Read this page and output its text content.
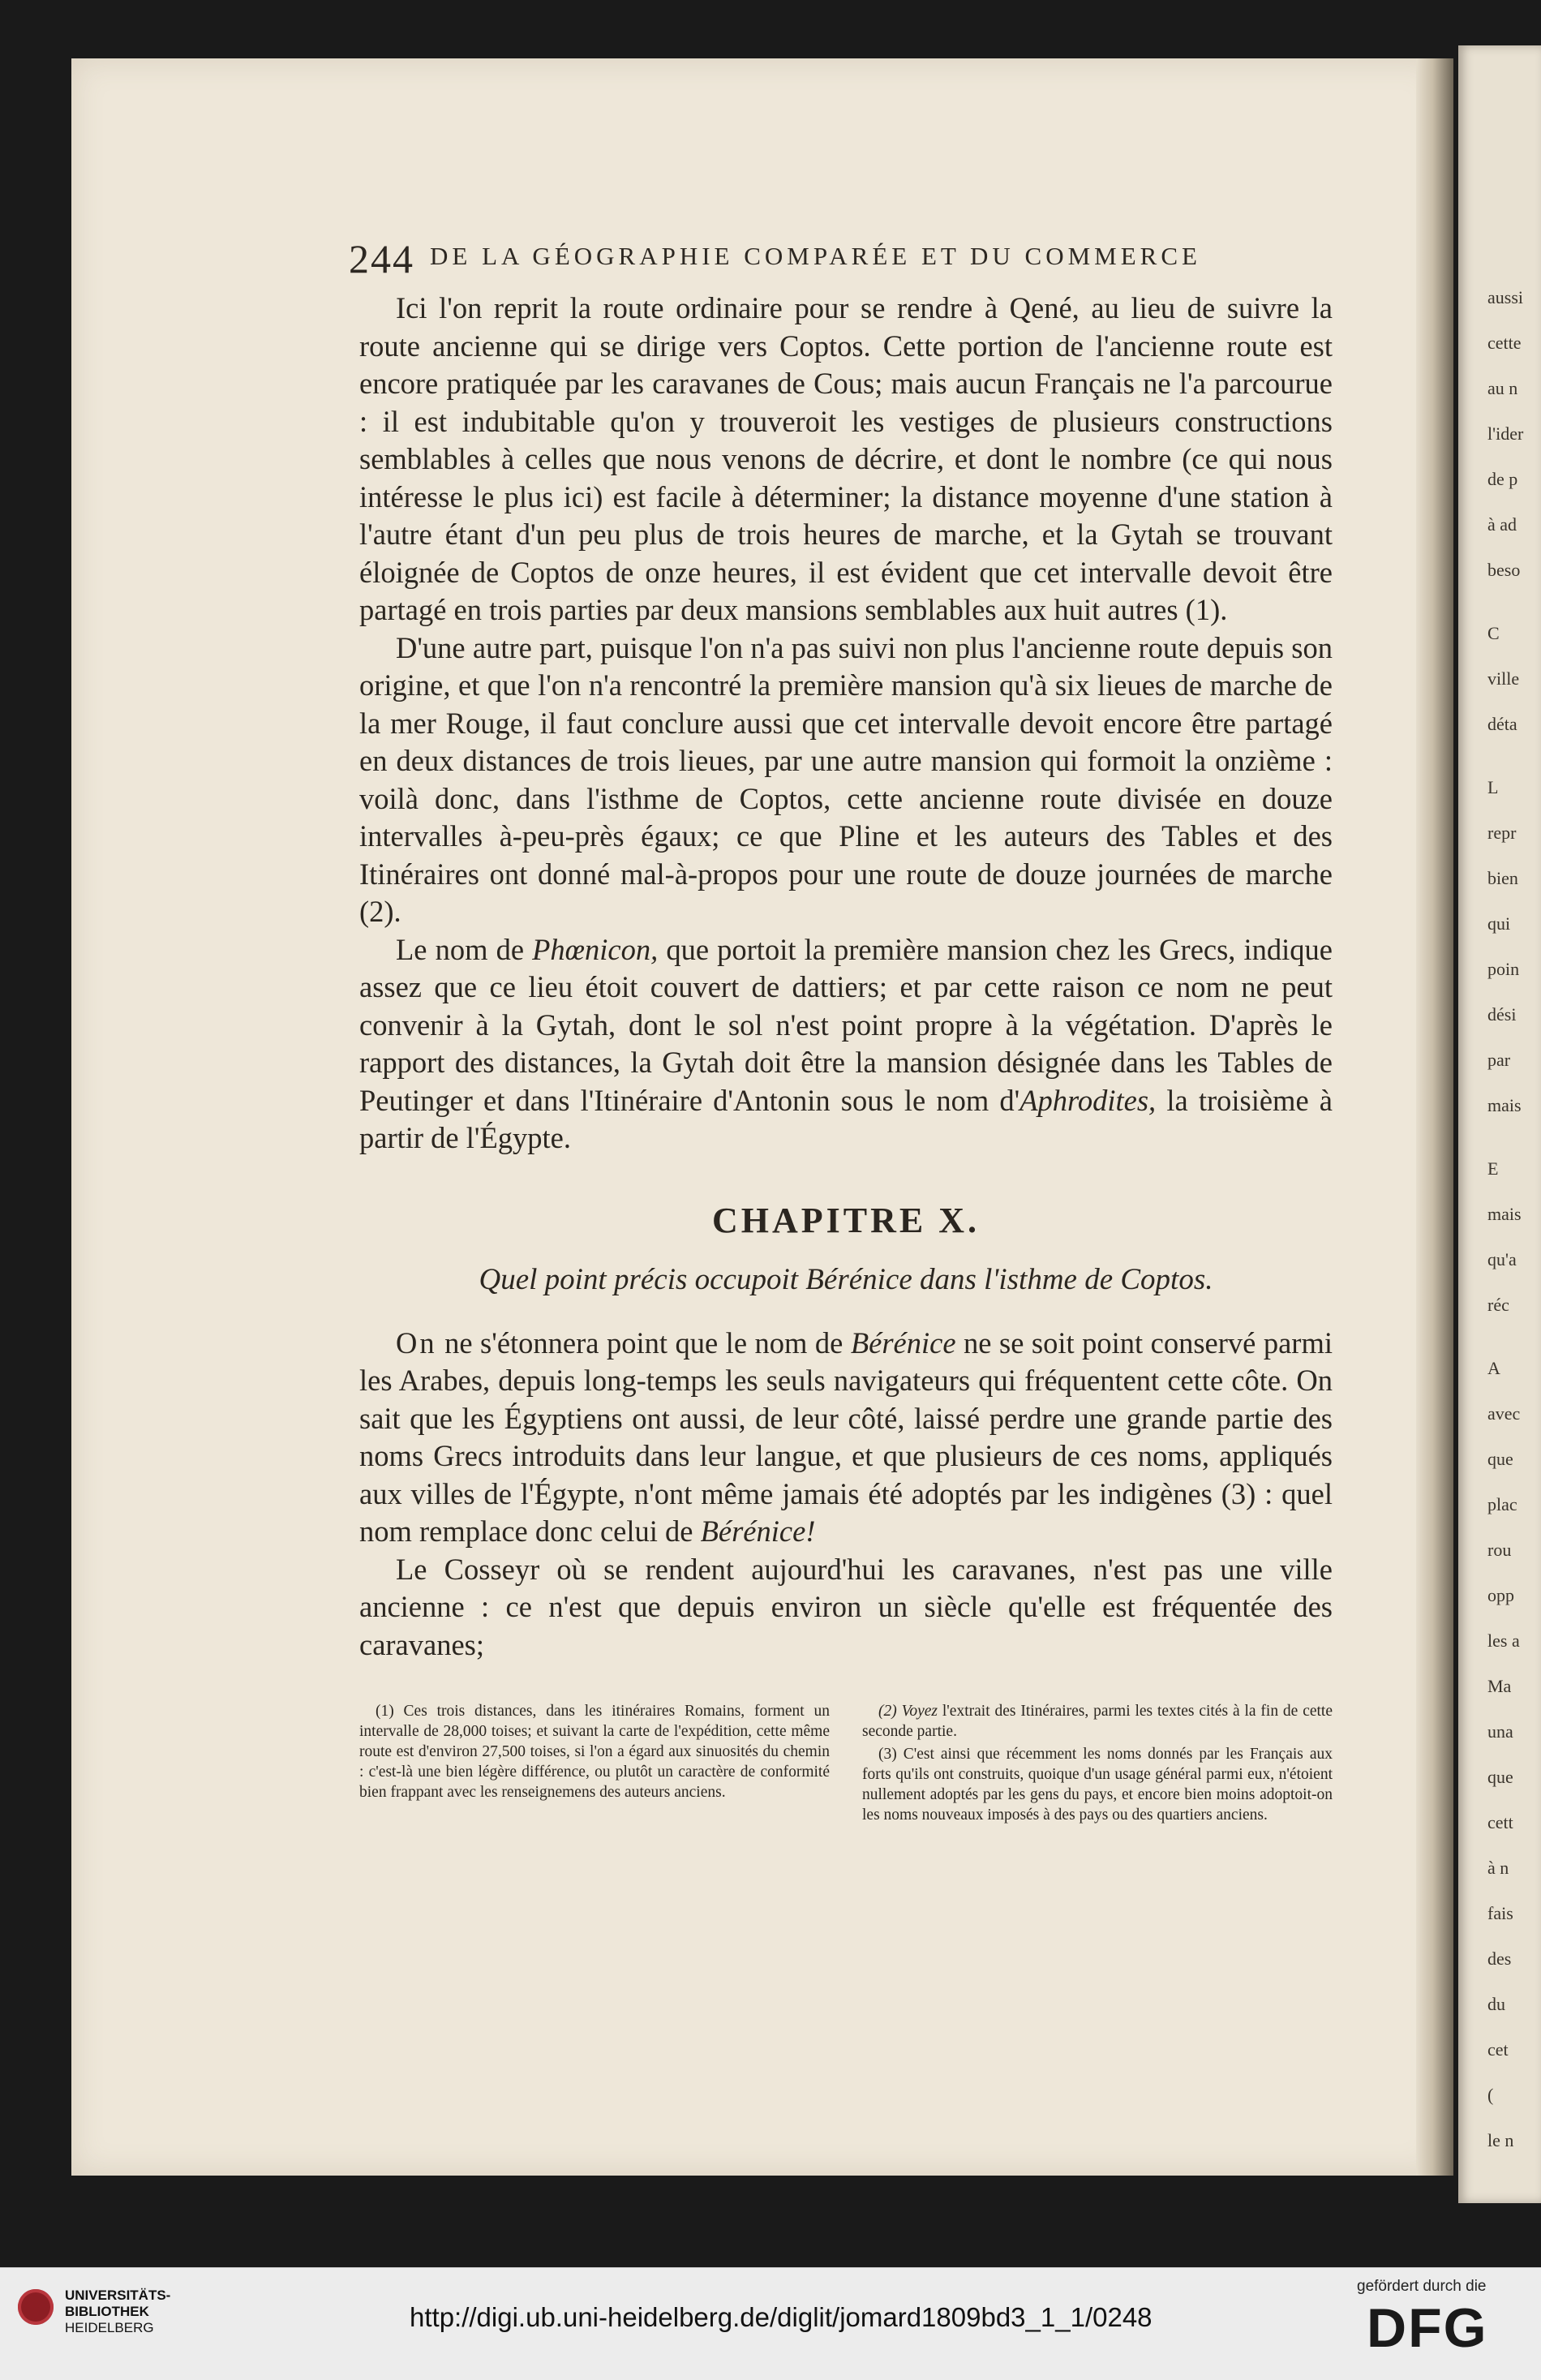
aussi
cette
au n
l'ider
de p
à ad
beso
C
ville
déta
L
repr
bien
qui
poin
dési
par
mais
E
mais
qu'a
réc
A
avec
que
plac
rou
opp
les a
Ma
una
que
cett
à n
fais
des
du
cet
(
le n
244 DE LA GÉOGRAPHIE COMPARÉE ET DU COMMERCE

Ici l'on reprit la route ordinaire pour se rendre à Qené, au lieu de suivre la route ancienne qui se dirige vers Coptos. Cette portion de l'ancienne route est encore pratiquée par les caravanes de Cous; mais aucun Français ne l'a parcourue : il est indubitable qu'on y trouveroit les vestiges de plusieurs constructions semblables à celles que nous venons de décrire, et dont le nombre (ce qui nous intéresse le plus ici) est facile à déterminer; la distance moyenne d'une station à l'autre étant d'un peu plus de trois heures de marche, et la Gytah se trouvant éloignée de Coptos de onze heures, il est évident que cet intervalle devoit être partagé en trois parties par deux mansions semblables aux huit autres (1).

D'une autre part, puisque l'on n'a pas suivi non plus l'ancienne route depuis son origine, et que l'on n'a rencontré la première mansion qu'à six lieues de marche de la mer Rouge, il faut conclure aussi que cet intervalle devoit encore être partagé en deux distances de trois lieues, par une autre mansion qui formoit la onzième : voilà donc, dans l'isthme de Coptos, cette ancienne route divisée en douze intervalles à-peu-près égaux; ce que Pline et les auteurs des Tables et des Itinéraires ont donné mal-à-propos pour une route de douze journées de marche (2).

Le nom de Phœnicon, que portoit la première mansion chez les Grecs, indique assez que ce lieu étoit couvert de dattiers; et par cette raison ce nom ne peut convenir à la Gytah, dont le sol n'est point propre à la végétation. D'après le rapport des distances, la Gytah doit être la mansion désignée dans les Tables de Peutinger et dans l'Itinéraire d'Antonin sous le nom d'Aphrodites, la troisième à partir de l'Égypte.

CHAPITRE X.

Quel point précis occupoit Bérénice dans l'isthme de Coptos.

On ne s'étonnera point que le nom de Bérénice ne se soit point conservé parmi les Arabes, depuis long-temps les seuls navigateurs qui fréquentent cette côte. On sait que les Égyptiens ont aussi, de leur côté, laissé perdre une grande partie des noms Grecs introduits dans leur langue, et que plusieurs de ces noms, appliqués aux villes de l'Égypte, n'ont même jamais été adoptés par les indigènes (3) : quel nom remplace donc celui de Bérénice!

Le Cosseyr où se rendent aujourd'hui les caravanes, n'est pas une ville ancienne : ce n'est que depuis environ un siècle qu'elle est fréquentée des caravanes;

(1) Ces trois distances, dans les itinéraires Romains, forment un intervalle de 28,000 toises; et suivant la carte de l'expédition, cette même route est d'environ 27,500 toises, si l'on a égard aux sinuosités du chemin : c'est-là une bien légère différence, ou plutôt un caractère de conformité bien frappant avec les renseignemens des auteurs anciens.

(2) Voyez l'extrait des Itinéraires, parmi les textes cités à la fin de cette seconde partie.

(3) C'est ainsi que récemment les noms donnés par les Français aux forts qu'ils ont construits, quoique d'un usage général parmi eux, n'étoient nullement adoptés par les gens du pays, et encore bien moins adoptoit-on les noms nouveaux imposés à des pays ou des quartiers anciens.

UNIVERSITÄTS-
BIBLIOTHEK
HEIDELBERG	http://digi.ub.uni-heidelberg.de/diglit/jomard1809bd3_1_1/0248
gefördert durch die
DFG
